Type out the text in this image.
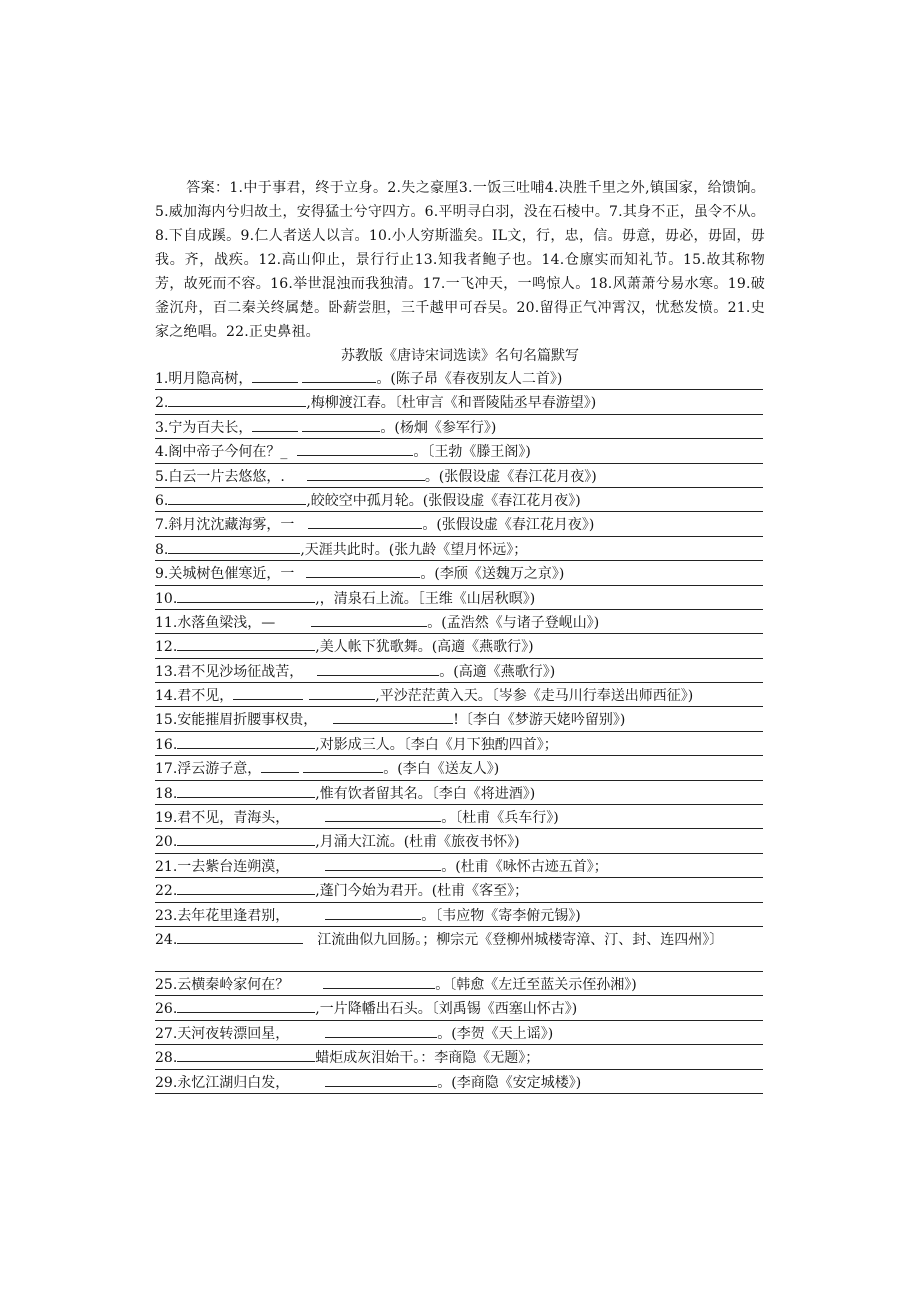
答案：1.中于事君，终于立身。2.失之豪厘3.一饭三吐哺4.决胜千里之外,镇国家，给馈饷。5.威加海内兮归故土，安得猛士兮守四方。6.平明寻白羽，没在石棱中。7.其身不正，虽令不从。8.下自成蹊。9.仁人者送人以言。10.小人穷斯滥矣。IL文，行，忠，信。毋意，毋必，毋固，毋我。齐，战疾。12.高山仰止，景行行止13.知我者鲍子也。14.仓廪实而知礼节。15.故其称物芳，故死而不容。16.举世混浊而我独清。17.一飞冲天，一鸣惊人。18.风萧萧兮易水寒。19.破釜沉舟，百二秦关终属楚。卧薪尝胆，三千越甲可吞吴。20.留得正气冲霄汉，忧愁发愤。21.史家之绝唱。22.正史鼻祖。
苏教版《唐诗宋词选读》名句名篇默写
1.明月隐高树，	。(陈子昂《春夜别友人二首》)
2.	,梅柳渡江春。〔杜审言《和晋陵陆丞早春游望》)
3.宁为百夫长，	。(杨炯《参军行》)
4.阁中帝子今何在？_	。〔王勃《滕王阁》)
5.白云一片去悠悠，.	。(张假设虚《春江花月夜》)
6.	,皎皎空中孤月轮。(张假设虚《春江花月夜》)
7.斜月沈沈藏海雾，一	。(张假设虚《春江花月夜》)
8.	,天涯共此时。(张九龄《望月怀远》；
9.关城树色催寒近，一	。(李颀《送魏万之京》)
10.	,，清泉石上流。［王维《山居秋暝》)
11.水落鱼梁浅，—	。(孟浩然《与诸子登岘山》)
12.	,美人帐下犹歌舞。(高適《燕歌行》)
13.君不见沙场征战苦，	。(高適《燕歌行》)
14.君不见，	,平沙茫茫黄入天。〔岑参《走马川行奉送出师西征》)
15.安能摧眉折腰事权贵，	!〔李白《梦游天姥吟留别》)
16.	,对影成三人。〔李白《月下独酌四首》；
17.浮云游子意，	。(李白《送友人》)
18.	,惟有饮者留其名。〔李白《将进酒》)
19.君不见，青海头，	。〔杜甫《兵车行》)
20.	,月涌大江流。(杜甫《旅夜书怀》)
21.一去紫台连朔漠，	。(杜甫《咏怀古迹五首》；
22.	,蓬门今始为君开。(杜甫《客至》；
23.去年花里逢君别，	。〔韦应物《寄李俯元锡》)
24.	江流曲似九回肠。；柳宗元《登柳州城楼寄漳、汀、封、连四州》〕
25.云横秦岭家何在？	。〔韩愈《左迁至蓝关示侄孙湘》)
26.	,一片降幡出石头。〔刘禹锡《西塞山怀古》)
27.天河夜转漂回星，	。(李贺《天上谣》)
28.	蜡炬成灰泪始干。：李商隐《无题》；
29.永忆江湖归白发，	。(李商隐《安定城楼》)
